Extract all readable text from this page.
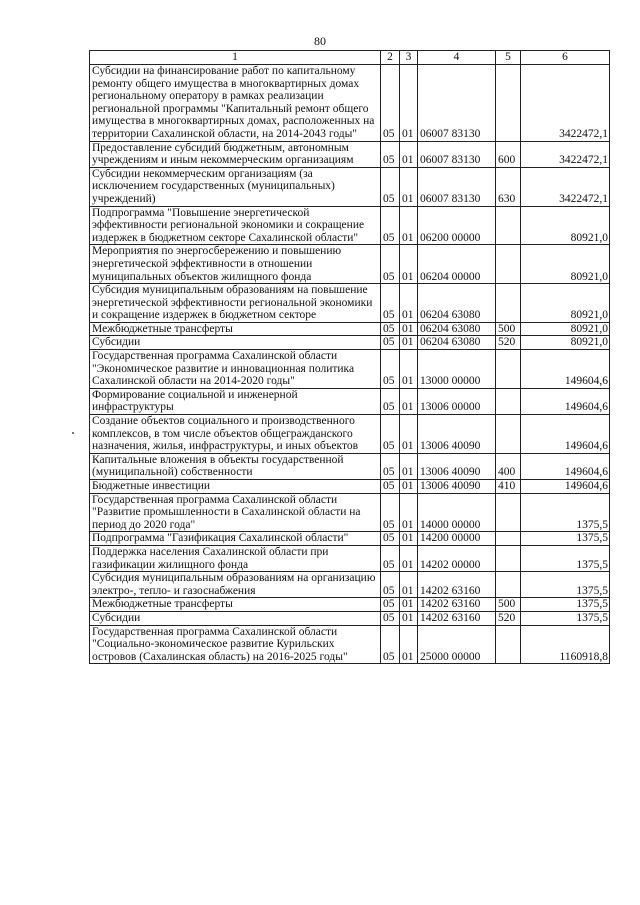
80
1	2	3	4	5	6
Субсидии на финансирование работ по капитальному ремонту общего имущества в многоквартирных домах региональному оператору в рамках реализации региональной программы "Капитальный ремонт общего имущества в многоквартирных домах, расположенных на территории Сахалинской области, на 2014-2043 годы"	05	01	06007 83130		3422472,1
Предоставление субсидий бюджетным, автономным учреждениям и иным некоммерческим организациям	05	01	06007 83130	600	3422472,1
Субсидии некоммерческим организациям (за исключением государственных (муниципальных) учреждений)	05	01	06007 83130	630	3422472,1
Подпрограмма "Повышение энергетической эффективности региональной экономики и сокращение издержек в бюджетном секторе Сахалинской области"	05	01	06200 00000		80921,0
Мероприятия по энергосбережению и повышению энергетической эффективности в отношении муниципальных объектов жилищного фонда	05	01	06204 00000		80921,0
Субсидия муниципальным образованиям на повышение энергетической эффективности региональной экономики и сокращение издержек в бюджетном секторе	05	01	06204 63080		80921,0
Межбюджетные трансферты	05	01	06204 63080	500	80921,0
Субсидии	05	01	06204 63080	520	80921,0
Государственная программа Сахалинской области "Экономическое развитие и инновационная политика Сахалинской области на 2014-2020 годы"	05	01	13000 00000		149604,6
Формирование социальной и инженерной инфраструктуры	05	01	13006 00000		149604,6
Создание объектов социального и производственного комплексов, в том числе объектов общегражданского назначения, жилья, инфраструктуры, и иных объектов	05	01	13006 40090		149604,6
Капитальные вложения в объекты государственной (муниципальной) собственности	05	01	13006 40090	400	149604,6
Бюджетные инвестиции	05	01	13006 40090	410	149604,6
Государственная программа Сахалинской области "Развитие промышленности в Сахалинской области на период до 2020 года"	05	01	14000 00000		1375,5
Подпрограмма "Газификация Сахалинской области"	05	01	14200 00000		1375,5
Поддержка населения Сахалинской области при газификации жилищного фонда	05	01	14202 00000		1375,5
Субсидия муниципальным образованиям на организацию электро-, тепло- и газоснабжения	05	01	14202 63160		1375,5
Межбюджетные трансферты	05	01	14202 63160	500	1375,5
Субсидии	05	01	14202 63160	520	1375,5
Государственная программа Сахалинской области "Социально-экономическое развитие Курильских островов (Сахалинская область) на 2016-2025 годы"	05	01	25000 00000		1160918,8
